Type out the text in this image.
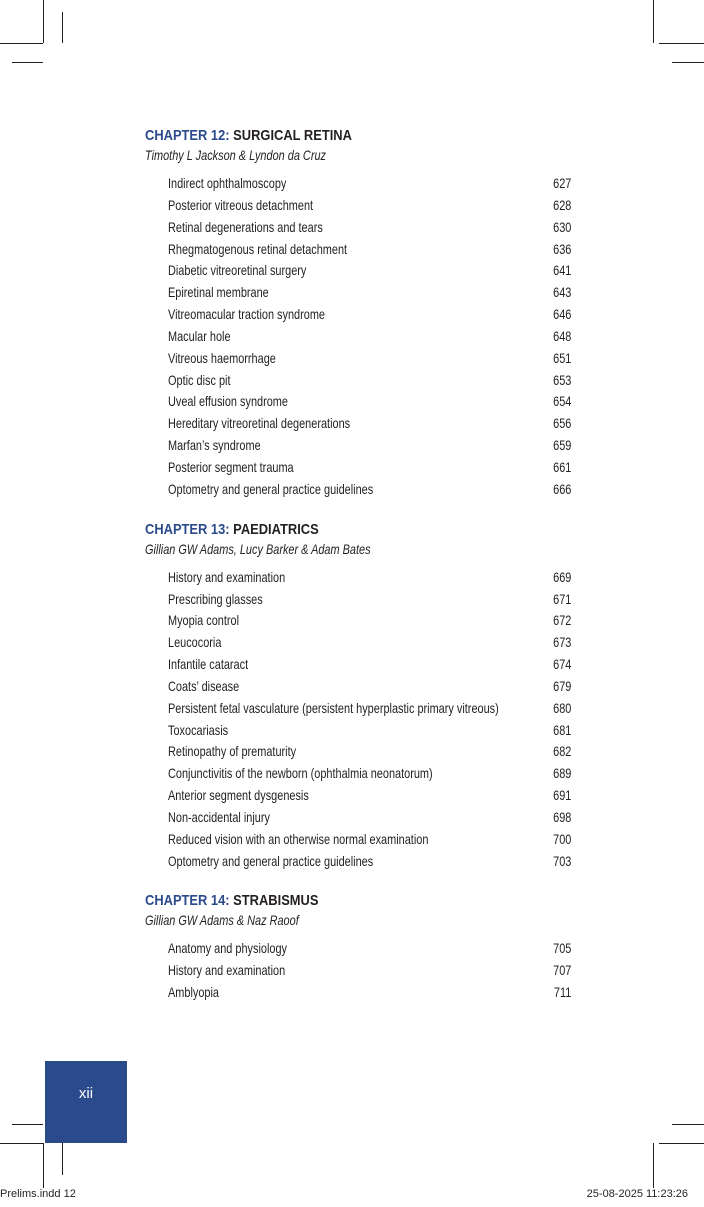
CHAPTER 12: SURGICAL RETINA
Timothy L Jackson & Lyndon da Cruz
Indirect ophthalmoscopy	627
Posterior vitreous detachment	628
Retinal degenerations and tears	630
Rhegmatogenous retinal detachment	636
Diabetic vitreoretinal surgery	641
Epiretinal membrane	643
Vitreomacular traction syndrome	646
Macular hole	648
Vitreous haemorrhage	651
Optic disc pit	653
Uveal effusion syndrome	654
Hereditary vitreoretinal degenerations	656
Marfan’s syndrome	659
Posterior segment trauma	661
Optometry and general practice guidelines	666
CHAPTER 13: PAEDIATRICS
Gillian GW Adams, Lucy Barker & Adam Bates
History and examination	669
Prescribing glasses	671
Myopia control	672
Leucocoria	673
Infantile cataract	674
Coats’ disease	679
Persistent fetal vasculature (persistent hyperplastic primary vitreous)	680
Toxocariasis	681
Retinopathy of prematurity	682
Conjunctivitis of the newborn (ophthalmia neonatorum)	689
Anterior segment dysgenesis	691
Non-accidental injury	698
Reduced vision with an otherwise normal examination	700
Optometry and general practice guidelines	703
CHAPTER 14: STRABISMUS
Gillian GW Adams & Naz Raoof
Anatomy and physiology	705
History and examination	707
Amblyopia	711
xii
Prelims.indd 12	25-08-2025 11:23:26
